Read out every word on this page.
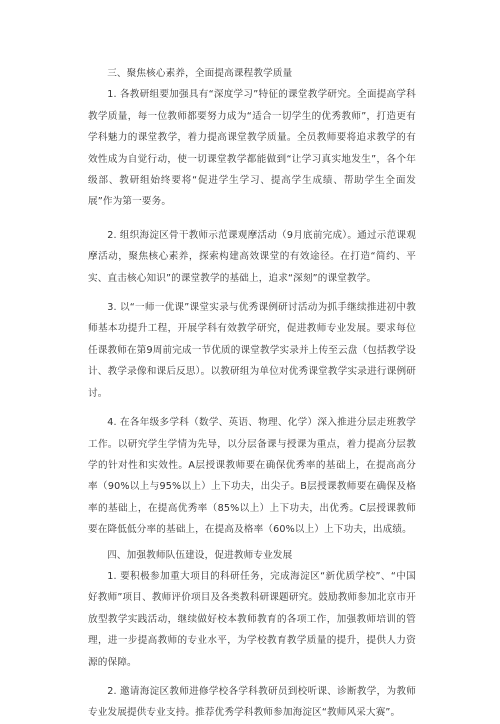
三、聚焦核心素养，全面提高课程教学质量

1. 各教研组要加强具有“深度学习”特征的课堂教学研究。全面提高学科教学质量，每一位教师都要努力成为“适合一切学生的优秀教师”，打造更有学科魅力的课堂教学，着力提高课堂教学质量。全员教师要将追求教学的有效性成为自觉行动，使一切课堂教学都能做到“让学习真实地发生”，各个年级部、教研组始终要将“促进学生学习、提高学生成绩、帮助学生全面发展”作为第一要务。

2. 组织海淀区骨干教师示范课观摩活动（9月底前完成）。通过示范课观摩活动，聚焦核心素养，探索构建高效课堂的有效途径。在打造“简约、平实、直击核心知识”的课堂教学的基础上，追求“深刻”的课堂教学。

3. 以“一师一优课”课堂实录与优秀课例研讨活动为抓手继续推进初中教师基本功提升工程，开展学科有效教学研究，促进教师专业发展。要求每位任课教师在第9周前完成一节优质的课堂教学实录并上传至云盘（包括教学设计、教学录像和课后反思）。以教研组为单位对优秀课堂教学实录进行课例研讨。

4. 在各年级多学科（数学、英语、物理、化学）深入推进分层走班教学工作。以研究学生学情为先导，以分层备课与授课为重点，着力提高分层教学的针对性和实效性。A层授课教师要在确保优秀率的基础上，在提高高分率（90%以上与95%以上）上下功夫，出尖子。B层授课教师要在确保及格率的基础上，在提高优秀率（85%以上）上下功夫，出优秀。C层授课教师要在降低低分率的基础上，在提高及格率（60%以上）上下功夫，出成绩。

四、加强教师队伍建设，促进教师专业发展

1. 要积极参加重大项目的科研任务，完成海淀区“新优质学校”、“中国好教师”项目、教师评价项目及各类教科研课题研究。鼓励教师参加北京市开放型教学实践活动，继续做好校本教师教育的各项工作，加强教师培训的管理，进一步提高教师的专业水平，为学校教育教学质量的提升，提供人力资源的保障。

2. 邀请海淀区教师进修学校各学科教研员到校听课、诊断教学，为教师专业发展提供专业支持。推荐优秀学科教师参加海淀区“教师风采大赛”。
